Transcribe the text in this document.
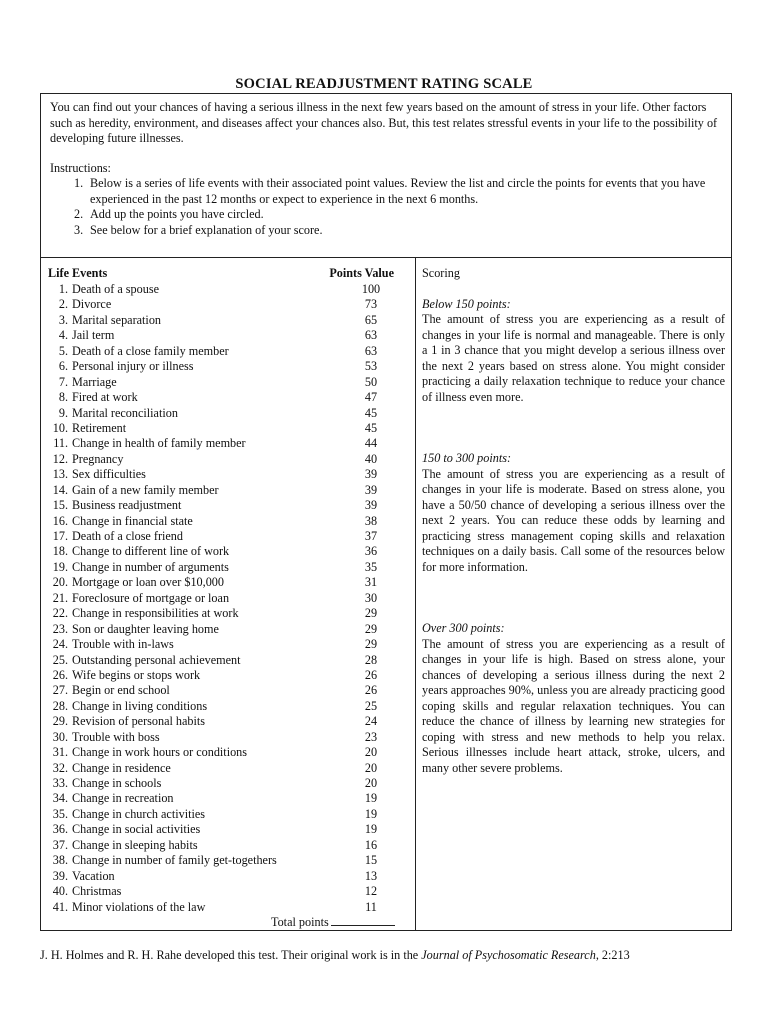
SOCIAL READJUSTMENT RATING SCALE

You can find out your chances of having a serious illness in the next few years based on the amount of stress in your life. Other factors such as heredity, environment, and diseases affect your chances also. But, this test relates stressful events in your life to the possibility of developing future illnesses.

Instructions:

1. Below is a series of life events with their associated point values. Review the list and circle the points for events that you have experienced in the past 12 months or expect to experience in the next 6 months.
2. Add up the points you have circled.
3. See below for a brief explanation of your score.
Life Events	Points Value
1. Death of a spouse	100
2. Divorce	73
3. Marital separation	65
4. Jail term	63
5. Death of a close family member	63
6. Personal injury or illness	53
7. Marriage	50
8. Fired at work	47
9. Marital reconciliation	45
10. Retirement	45
11. Change in health of family member	44
12. Pregnancy	40
13. Sex difficulties	39
14. Gain of a new family member	39
15. Business readjustment	39
16. Change in financial state	38
17. Death of a close friend	37
18. Change to different line of work	36
19. Change in number of arguments	35
20. Mortgage or loan over $10,000	31
21. Foreclosure of mortgage or loan	30
22. Change in responsibilities at work	29
23. Son or daughter leaving home	29
24. Trouble with in-laws	29
25. Outstanding personal achievement	28
26. Wife begins or stops work	26
27. Begin or end school	26
28. Change in living conditions	25
29. Revision of personal habits	24
30. Trouble with boss	23
31. Change in work hours or conditions	20
32. Change in residence	20
33. Change in schools	20
34. Change in recreation	19
35. Change in church activities	19
36. Change in social activities	19
37. Change in sleeping habits	16
38. Change in number of family get-togethers	15
39. Vacation	13
40. Christmas	12
41. Minor violations of the law	11
Total points

Scoring

Below 150 points:

The amount of stress you are experiencing as a result of changes in your life is normal and manageable. There is only a 1 in 3 chance that you might develop a serious illness over the next 2 years based on stress alone. You might consider practicing a daily relaxation technique to reduce your chance of illness even more.

150 to 300 points:

The amount of stress you are experiencing as a result of changes in your life is moderate. Based on stress alone, you have a 50/50 chance of developing a serious illness over the next 2 years. You can reduce these odds by learning and practicing stress management coping skills and relaxation techniques on a daily basis. Call some of the resources below for more information.

Over 300 points:

The amount of stress you are experiencing as a result of changes in your life is high. Based on stress alone, your chances of developing a serious illness during the next 2 years approaches 90%, unless you are already practicing good coping skills and regular relaxation techniques. You can reduce the chance of illness by learning new strategies for coping with stress and new methods to help you relax. Serious illnesses include heart attack, stroke, ulcers, and many other severe problems.

J. H. Holmes and R. H. Rahe developed this test. Their original work is in the Journal of Psychosomatic Research, 2:213
